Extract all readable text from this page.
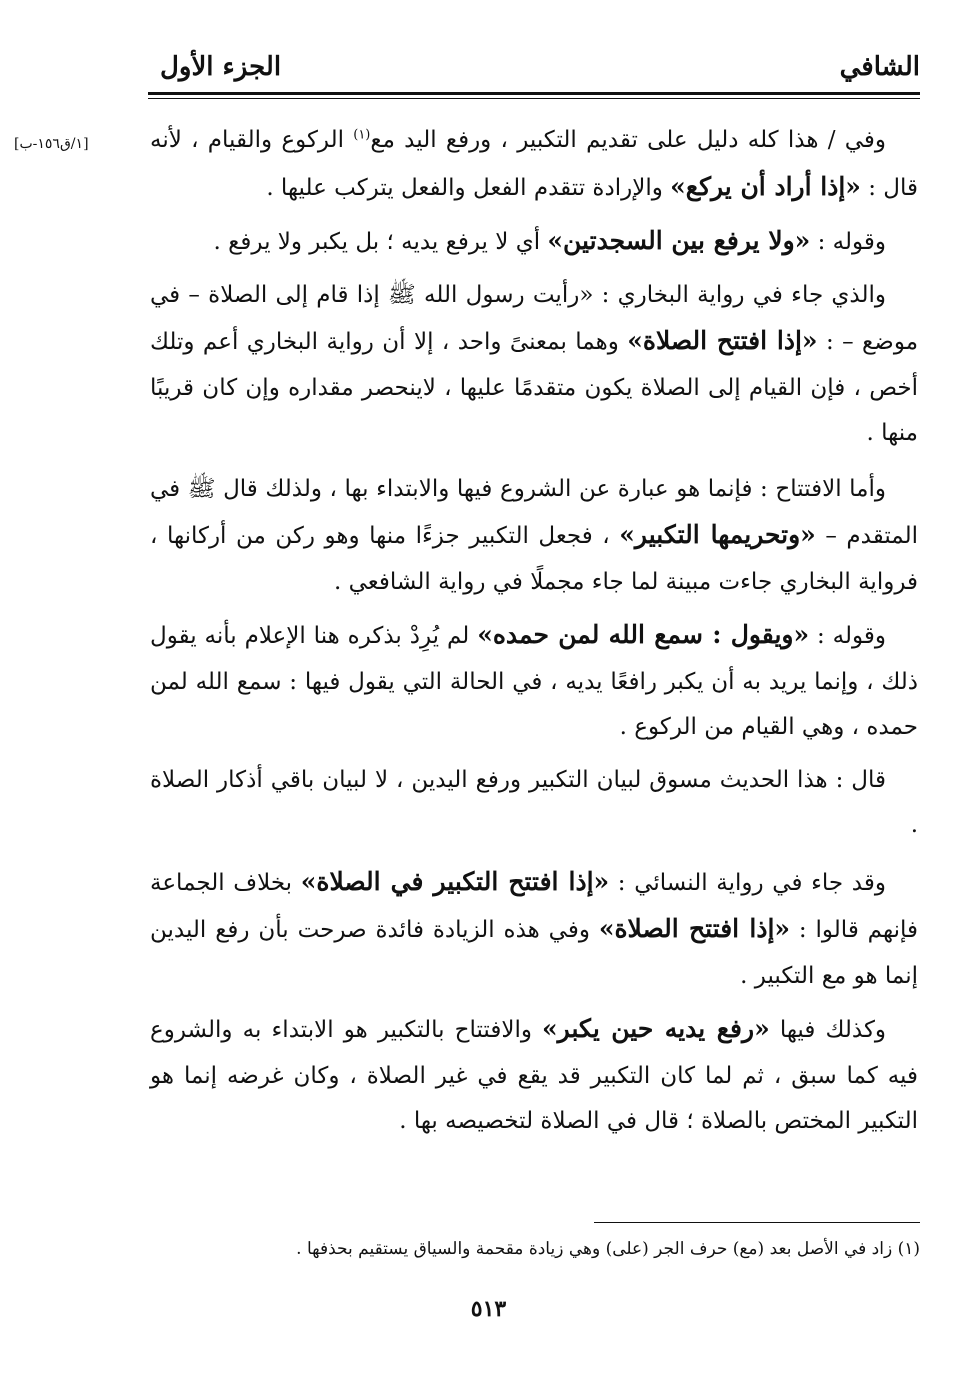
الشافي
الجزء الأول
[١/ق١٥٦-ب]	وفي / هذا كله دليل على تقديم التكبير ، ورفع اليد مع$^{(١)}$ الركوع والقيام ، لأنه قال : «إذا أراد أن يركع» والإرادة تتقدم الفعل والفعل يتركب عليها .

وقوله : «ولا يرفع بين السجدتين» أي لا يرفع يديه ؛ بل يكبر ولا يرفع .

والذي جاء في رواية البخاري : «رأيت رسول الله ﷺ إذا قام إلى الصلاة – في موضع – : «إذا افتتح الصلاة» وهما بمعنىً واحد ، إلا أن رواية البخاري أعم وتلك أخص ، فإن القيام إلى الصلاة يكون متقدمًا عليها ، لاينحصر مقداره وإن كان قريبًا منها .

وأما الافتتاح : فإنما هو عبارة عن الشروع فيها والابتداء بها ، ولذلك قال ﷺ في المتقدم – «وتحريمها التكبير» ، فجعل التكبير جزءًا منها وهو ركن من أركانها ، فرواية البخاري جاءت مبينة لما جاء مجملًا في رواية الشافعي .

وقوله : «ويقول : سمع الله لمن حمده» لم يُرِدْ بذكره هنا الإعلام بأنه يقول ذلك ، وإنما يريد به أن يكبر رافعًا يديه ، في الحالة التي يقول فيها : سمع الله لمن حمده ، وهي القيام من الركوع .

قال : هذا الحديث مسوق لبيان التكبير ورفع اليدين ، لا لبيان باقي أذكار الصلاة .

وقد جاء في رواية النسائي : «إذا افتتح التكبير في الصلاة» بخلاف الجماعة فإنهم قالوا : «إذا افتتح الصلاة» وفي هذه الزيادة فائدة صرحت بأن رفع اليدين إنما هو مع التكبير .

وكذلك فيها «رفع يديه حين يكبر» والافتتاح بالتكبير هو الابتداء به والشروع فيه كما سبق ، ثم لما كان التكبير قد يقع في غير الصلاة ، وكان غرضه إنما هو التكبير المختص بالصلاة ؛ قال في الصلاة لتخصيصه بها .

(١) زاد في الأصل بعد (مع) حرف الجر (على) وهي زيادة مقحمة والسياق يستقيم بحذفها .
٥١٣
